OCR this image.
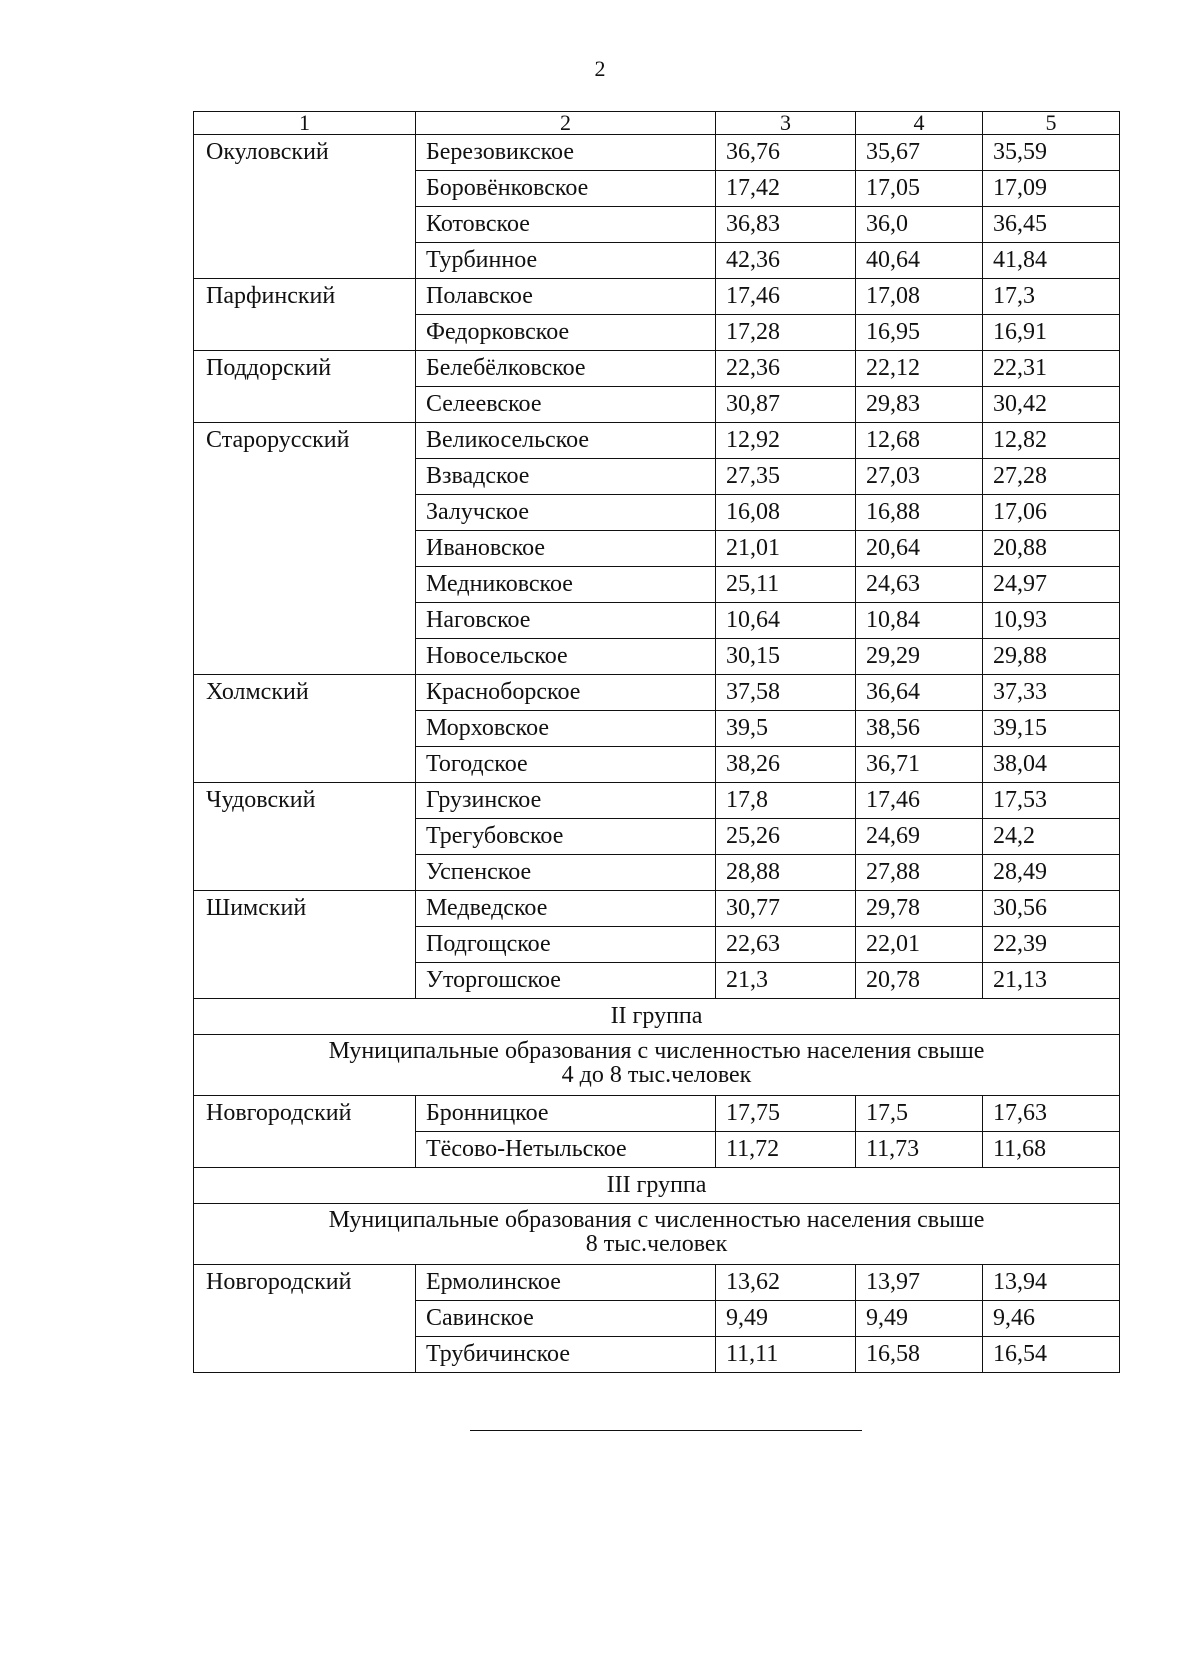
2
1	2	3	4	5
Окуловский	Березовикское	36,76	35,67	35,59
	Боровёнковское	17,42	17,05	17,09
	Котовское	36,83	36,0	36,45
	Турбинное	42,36	40,64	41,84
Парфинский	Полавское	17,46	17,08	17,3
	Федорковское	17,28	16,95	16,91
Поддорский	Белебёлковское	22,36	22,12	22,31
	Селеевское	30,87	29,83	30,42
Старорусский	Великосельское	12,92	12,68	12,82
	Взвадское	27,35	27,03	27,28
	Залучское	16,08	16,88	17,06
	Ивановское	21,01	20,64	20,88
	Медниковское	25,11	24,63	24,97
	Наговское	10,64	10,84	10,93
	Новосельское	30,15	29,29	29,88
Холмский	Красноборское	37,58	36,64	37,33
	Морховское	39,5	38,56	39,15
	Тогодское	38,26	36,71	38,04
Чудовский	Грузинское	17,8	17,46	17,53
	Трегубовское	25,26	24,69	24,2
	Успенское	28,88	27,88	28,49
Шимский	Медведское	30,77	29,78	30,56
	Подгощское	22,63	22,01	22,39
	Уторгошское	21,3	20,78	21,13
II группа				
Муниципальные образования с численностью населения свыше 4 до 8 тыс.человек				
Новгородский	Бронницкое	17,75	17,5	17,63
	Тёсово-Нетыльское	11,72	11,73	11,68
III группа				
Муниципальные образования с численностью населения свыше 8 тыс.человек				
Новгородский	Ермолинское	13,62	13,97	13,94
	Савинское	9,49	9,49	9,46
	Трубичинское	11,11	16,58	16,54
